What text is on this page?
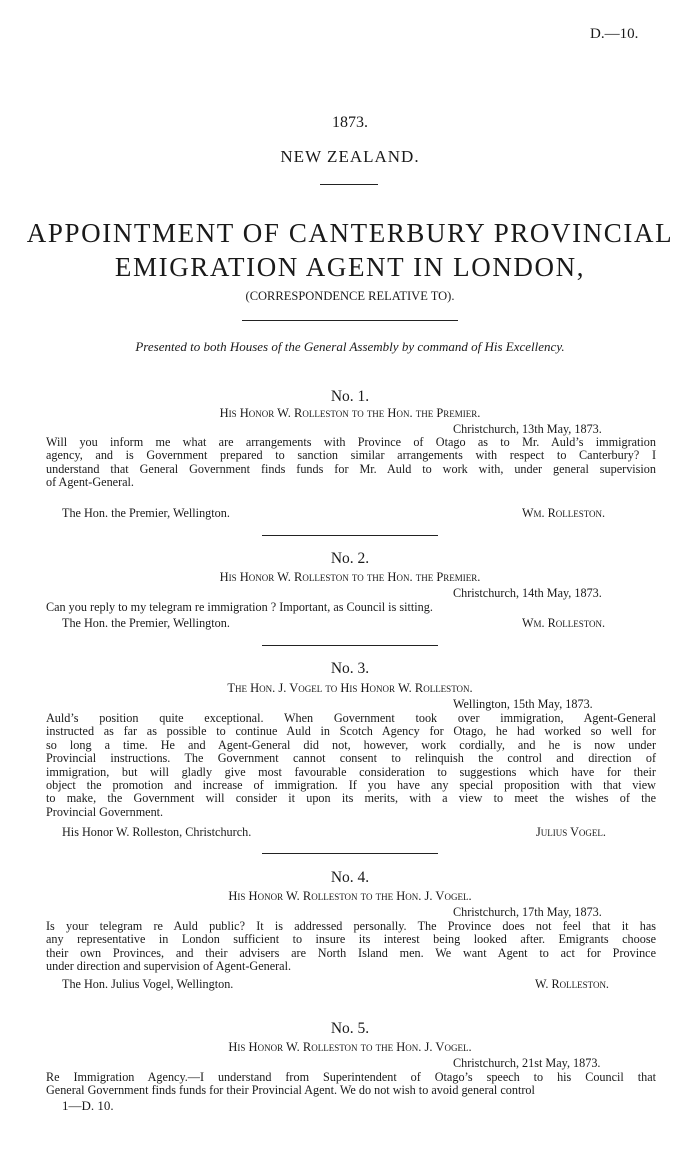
D.—10.
1873.
NEW ZEALAND.
APPOINTMENT OF CANTERBURY PROVINCIAL
EMIGRATION AGENT IN LONDON,
(CORRESPONDENCE RELATIVE TO).
Presented to both Houses of the General Assembly by command of His Excellency.
No. 1.
His Honor W. Rolleston to the Hon. the Premier.
Christchurch, 13th May, 1873.
Will you inform me what are arrangements with Province of Otago as to Mr. Auld’s immigration
agency, and is Government prepared to sanction similar arrangements with respect to Canterbury? I
understand that General Government finds funds for Mr. Auld to work with, under general supervision
of Agent-General.
The Hon. the Premier, Wellington.	Wm. Rolleston.
No. 2.
His Honor W. Rolleston to the Hon. the Premier.
Christchurch, 14th May, 1873.
Can you reply to my telegram re immigration ? Important, as Council is sitting.
The Hon. the Premier, Wellington.	Wm. Rolleston.
No. 3.
The Hon. J. Vogel to His Honor W. Rolleston.
Wellington, 15th May, 1873.
Auld’s position quite exceptional. When Government took over immigration, Agent-General
instructed as far as possible to continue Auld in Scotch Agency for Otago, he had worked so well for
so long a time. He and Agent-General did not, however, work cordially, and he is now under
Provincial instructions. The Government cannot consent to relinquish the control and direction of
immigration, but will gladly give most favourable consideration to suggestions which have for their
object the promotion and increase of immigration. If you have any special proposition with that view
to make, the Government will consider it upon its merits, with a view to meet the wishes of the
Provincial Government.
His Honor W. Rolleston, Christchurch.	Julius Vogel.
No. 4.
His Honor W. Rolleston to the Hon. J. Vogel.
Christchurch, 17th May, 1873.
Is your telegram re Auld public? It is addressed personally. The Province does not feel that it has
any representative in London sufficient to insure its interest being looked after. Emigrants choose
their own Provinces, and their advisers are North Island men. We want Agent to act for Province
under direction and supervision of Agent-General.
The Hon. Julius Vogel, Wellington.	W. Rolleston.
No. 5.
His Honor W. Rolleston to the Hon. J. Vogel.
Christchurch, 21st May, 1873.
Re Immigration Agency.—I understand from Superintendent of Otago’s speech to his Council that
General Government finds funds for their Provincial Agent. We do not wish to avoid general control
1—D. 10.
